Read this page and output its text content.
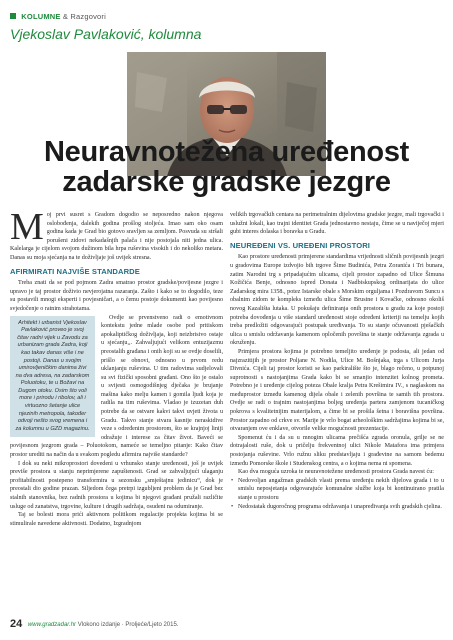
KOLUMNE & Razgovori
Vjekoslav Pavlaković, kolumna
Neuravnotežena uređenost
zadarske gradske jezgre

Moj prvi susret s Gradom dogodio se neposredno nakon njegova oslobođenja, dalekih godina prošlog stoljeća. Imao sam oko osam godina kada je Grad bio gotovo sravljen sa zemljom. Posvuda su stršali porušeni zidovi nekadašnjih palača i nije postojala niti jedna ulica. Kalelarga je cijelom svojom dužinom bila hrpa ruševina visokih i do nekoliko metara. Danas su moja sjećanja na te doživljaje još uvijek stresna.

AFIRMIRATI NAJVIŠE STANDARDE

Treba znati da se pod pojmom Zadra smatrao prostor gradske/povijesne jezgre i upravo je taj prostor doživio nevjerojatna razaranja. Zašto i kako se to dogodilo, teze su postavili mnogi eksperti i povjesničari, a o čemu postoje dokumenti kao povijesno svjedočenje o ratnim strahotama.

Arhitekt i urbanist Vjekoslav Pavlaković proveo je svoj čitav radni vijek u Zavodu za urbanizam grada Zadra, koji kao takav danas više i ne postoji. Danas u svojim umirovljeničkim danima živi na dva adresa, na zadarskom Poluotoku, te u Božavi na Dugom otoku. Osim što voli more i prirodu i ribolov, ali i virtuozno šetanje ulice njezinih metropola, također odvoji nešto svog vremena i za kolumnu u GZD magazinu.

Ovdje se prvenstveno radi o emotivnom kontekstu jedne mlade osobe pod pritiskom apokaliptičkog doživljaja, koji neizbrisivo ostaje u sjećanju,,. Zahvaljujući velikom entuzijazmu preostalih građana i onih koji su se ovdje doselili, prišlo se obnovi, odnosno u prvom redu uklanjanju ruševina. U tim radovima sudjelovali su svi fizički sposobni građani. Ono što je ostalo u svijesti osmogodišnjeg dječaka je brujanje mašina kako melju kamen i gomila ljudi koja je radila na tim ruševima. Vladao je izuzetan duh potrebe da se ostvare kakvi takvi uvjeti života u Gradu. Takvo stanje stvara kasnije neraskidive veze s određenim prostorom, što se krajnjoj liniji odražuje i interese za čitav život. Baveći se povijesnom jezgrom grada – Poluotokom, nameće se temeljno pitanje: Kako čitav prostor urediti na način da u svakom pogledu afirmira najviše standarde?

I dok su neki mikroprostori dovedeni u vrhunsko stanje uređenosti, još je uvijek previše prostora u stanju neprimjerene zapuštenosti. Grad se zahvaljujući ulaganju profitabilnosti postepeno transformira u sezonsku „smještajnu jedinicu“, dok je preostali dio godine prazan. Siljedom čega pretrpi izgubljeni problem da je Grad bez stalnih stanovnika, bez radnih prostora u kojima bi njegovi građani pružali različite usluge od zanatstva, trgovine, kulture i drugih sadržaja, osudeni na odumiranje.

Taj se bolesti mora prići aktivnom politikom regulacije projekta kojima bi se stimulirale navedene aktivnosti. Dodatno, Izgradnjom

velikih trgovačkih centara na perimetralnim dijelovima gradske jezgre, mali trgovački i uslužni lokali, kao trajni identitet Grada jednostavno nestaju, čime se u naviječoj mjeri gubi interes dolaska i boravka u Gradu.

NEUREĐENI VS. UREĐENI PROSTORI

Kao prostore uređenosti primjerene standardima vrijednosti sličnih povijesnih jezgri u gradovima Europe izdvojio bih trgove Šime Budinića, Petra Zoranića i Tri bunara, zatim Narodni trg s pripadajućim ulicama, cijeli prostor zapadno od Ulice Šimuna Kožičića Benje, odnosno ispred Donata i Nadbiskupskog ordinarijata do ulice Zadarskog mira 1358., potez Istarske obale s Morskim orguljama i Pozdravom Suncu s obalnim zidom te kompleks između ulica Šime Brusine i Kovačke, odnosno okoliš novog Kazališta lutaka. U pokušaju definiranja onih prostora u gradu za koje postoji potreba dovođenja u više standard uređenosti stoje određeni kriteriji na temelju kojih treba predložiti odgovarajući postupak uređivanja. To su stanje očuvanosti pješačkih ulica u smislu održavanja kamenom opločenih površina te stanje održavanja zgrada u okruženju.

Primjera prostora kojima je potrebno temeljito uređenje je podosta, ali jedan od najzrazitijih je prostor Poljane N. Nodila, Ulice M. Bošnjaka, trga s Ulicom Jurja Divnića. Cijeli taj prostor koristi se kao parkiralište što je, blago rečeno, u potpunoj suprotnosti s nastojanjima Grada kako bi se smanjio intenzitet kolnog prometa. Potrebno je i uređenje cijelog poteza Obale kralja Petra Krešimira IV., s naglaskom na međuprostor između kamenog dijela obale i zelenih površina te samih tih prostora. Ovdje se radi o trajnim nastojanjima boljeg uređenja partera zamjenom tucaničkog pokrova s kvalitetnijim materijalom, a čime bi se prošila šetna i boravišna površina. Prostor zapadno od crkve sv. Marije je vrlo bogat arheološkim sadržajima kojima bi se, otvaranjem ove enklave, otvorile velike mogućnosti prezentacije.

Spomenut ću i da su u mnogim ulicama prečišća zgrada oronula, grilje se ne dotrajalosti ruše, dok u pričelju frekventnoj ulici Nikole Matafora ima primjera postojanja ruševine. Vrlo ružnu sliku predstavljaju i građevine na samom bedemu između Pomorske škole i Studenskog centra, a o kojima nema ni spomena.

Kao dva moguća uzroka te neuravnotežene uređenosti prostora Grada navest ću:

• Nedovoljan angažman gradskih vlasti prema uređenju nekih dijelova grada i to u smislu neposjetanja odgovarajuće komunalne službe koja bi kontinuirano pratila stanje u prostoru
• Nedostatak dugoročnog programa održavanja i unapređivanja svih gradskih cjelina.
24 www.gradzadar.hr Vlokono izdanje · Proljeće/Ljeto 2015.
